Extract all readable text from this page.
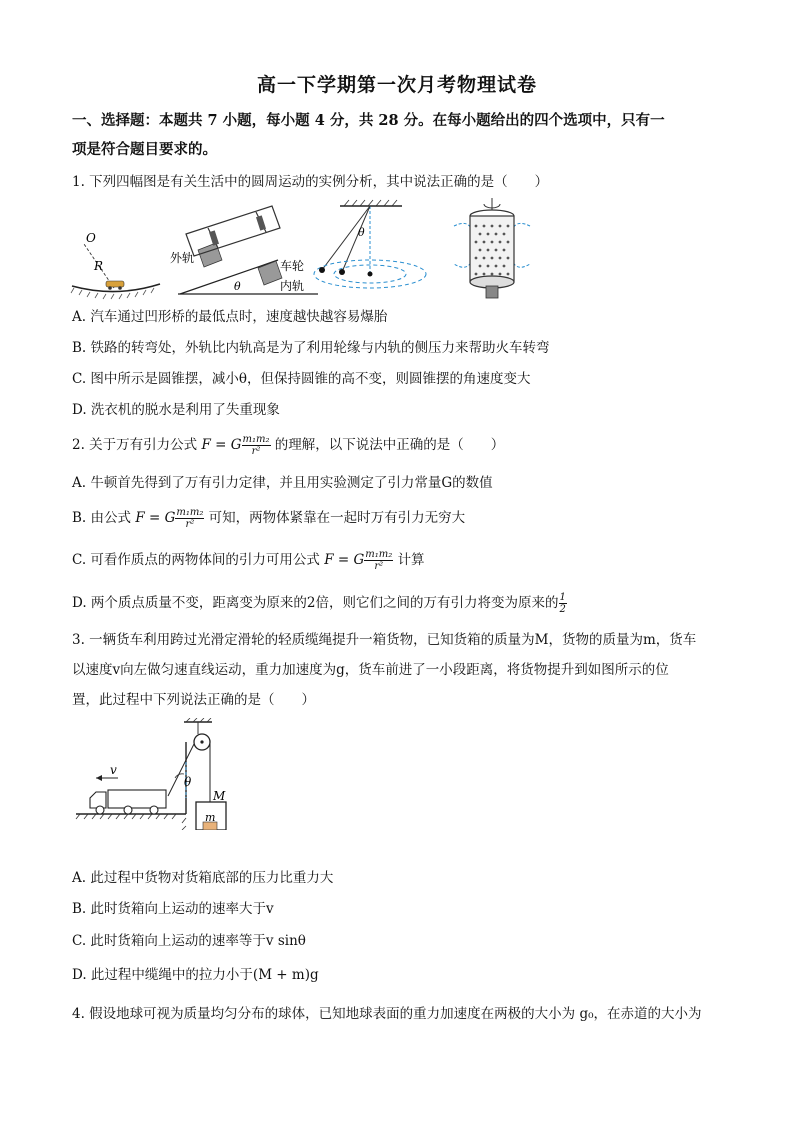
高一下学期第一次月考物理试卷
一、选择题：本题共 7 小题，每小题 4 分，共 28 分。在每小题给出的四个选项中，只有一
项是符合题目要求的。
1. 下列四幅图是有关生活中的圆周运动的实例分析，其中说法正确的是（　　）
O
R
θ
外轨
车轮
内轨
θ
A. 汽车通过凹形桥的最低点时，速度越快越容易爆胎
B. 铁路的转弯处，外轨比内轨高是为了利用轮缘与内轨的侧压力来帮助火车转弯
C. 图中所示是圆锥摆，减小θ，但保持圆锥的高不变，则圆锥摆的角速度变大
D. 洗衣机的脱水是利用了失重现象
2. 关于万有引力公式 F = G $\frac{\text{m₁m₂}}{\text{r²}}$ 的理解，以下说法中正确的是（　　）
A. 牛顿首先得到了万有引力定律，并且用实验测定了引力常量G的数值
B. 由公式 F = G $\frac{\text{m₁m₂}}{\text{r²}}$ 可知，两物体紧靠在一起时万有引力无穷大
C. 可看作质点的两物体间的引力可用公式 F = G $\frac{\text{m₁m₂}}{\text{r²}}$ 计算
D. 两个质点质量不变，距离变为原来的2倍，则它们之间的万有引力将变为原来的 $\frac{1}{2}$
3. 一辆货车利用跨过光滑定滑轮的轻质缆绳提升一箱货物，已知货箱的质量为M，货物的质量为m，货车
以速度v向左做匀速直线运动，重力加速度为g，货车前进了一小段距离，将货物提升到如图所示的位
置，此过程中下列说法正确的是（　　）
θ
v
M
m
A. 此过程中货物对货箱底部的压力比重力大
B. 此时货箱向上运动的速率大于v
C. 此时货箱向上运动的速率等于v sinθ
D. 此过程中缆绳中的拉力小于(M + m)g
4. 假设地球可视为质量均匀分布的球体，已知地球表面的重力加速度在两极的大小为 g₀，在赤道的大小为
